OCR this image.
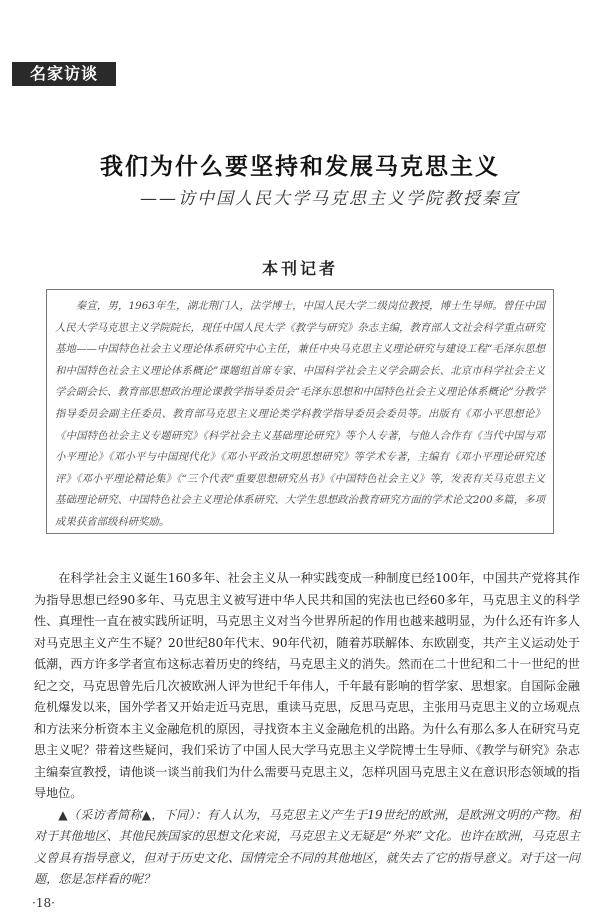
名家访谈
我们为什么要坚持和发展马克思主义
——访中国人民大学马克思主义学院教授秦宣
本刊记者

秦宣，男，1963年生，湖北荆门人，法学博士，中国人民大学二级岗位教授，博士生导师。曾任中国人民大学马克思主义学院院长，现任中国人民大学《教学与研究》杂志主编，教育部人文社会科学重点研究基地——中国特色社会主义理论体系研究中心主任，兼任中央马克思主义理论研究与建设工程“毛泽东思想和中国特色社会主义理论体系概论”课题组首席专家、中国科学社会主义学会副会长、北京市科学社会主义学会副会长、教育部思想政治理论课教学指导委员会“毛泽东思想和中国特色社会主义理论体系概论”分教学指导委员会副主任委员、教育部马克思主义理论类学科教学指导委员会委员等。出版有《邓小平思想论》《中国特色社会主义专题研究》《科学社会主义基础理论研究》等个人专著，与他人合作有《当代中国与邓小平理论》《邓小平与中国现代化》《邓小平政治文明思想研究》等学术专著，主编有《邓小平理论研究述评》《邓小平理论精论集》《“三个代表”重要思想研究丛书》《中国特色社会主义》等，发表有关马克思主义基础理论研究、中国特色社会主义理论体系研究、大学生思想政治教育研究方面的学术论文200多篇，多项成果获省部级科研奖励。

在科学社会主义诞生160多年、社会主义从一种实践变成一种制度已经100年，中国共产党将其作为指导思想已经90多年、马克思主义被写进中华人民共和国的宪法也已经60多年，马克思主义的科学性、真理性一直在被实践所证明，马克思主义对当今世界所起的作用也越来越明显，为什么还有许多人对马克思主义产生不疑？20世纪80年代末、90年代初，随着苏联解体、东欧剧变，共产主义运动处于低潮，西方许多学者宣布这标志着历史的终结，马克思主义的消失。然而在二十世纪和二十一世纪的世纪之交，马克思曾先后几次被欧洲人评为世纪千年伟人，千年最有影响的哲学家、思想家。自国际金融危机爆发以来，国外学者又开始走近马克思，重读马克思，反思马克思，主张用马克思主义的立场观点和方法来分析资本主义金融危机的原因，寻找资本主义金融危机的出路。为什么有那么多人在研究马克思主义呢？带着这些疑问，我们采访了中国人民大学马克思主义学院博士生导师、《教学与研究》杂志主编秦宣教授，请他谈一谈当前我们为什么需要马克思主义，怎样巩固马克思主义在意识形态领域的指导地位。

▲（采访者简称▲，下同）：有人认为，马克思主义产生于19世纪的欧洲，是欧洲文明的产物。相对于其他地区、其他民族国家的思想文化来说，马克思主义无疑是“外来”文化。也许在欧洲，马克思主义曾具有指导意义，但对于历史文化、国情完全不同的其他地区，就失去了它的指导意义。对于这一问题，您是怎样看的呢？

·18·
